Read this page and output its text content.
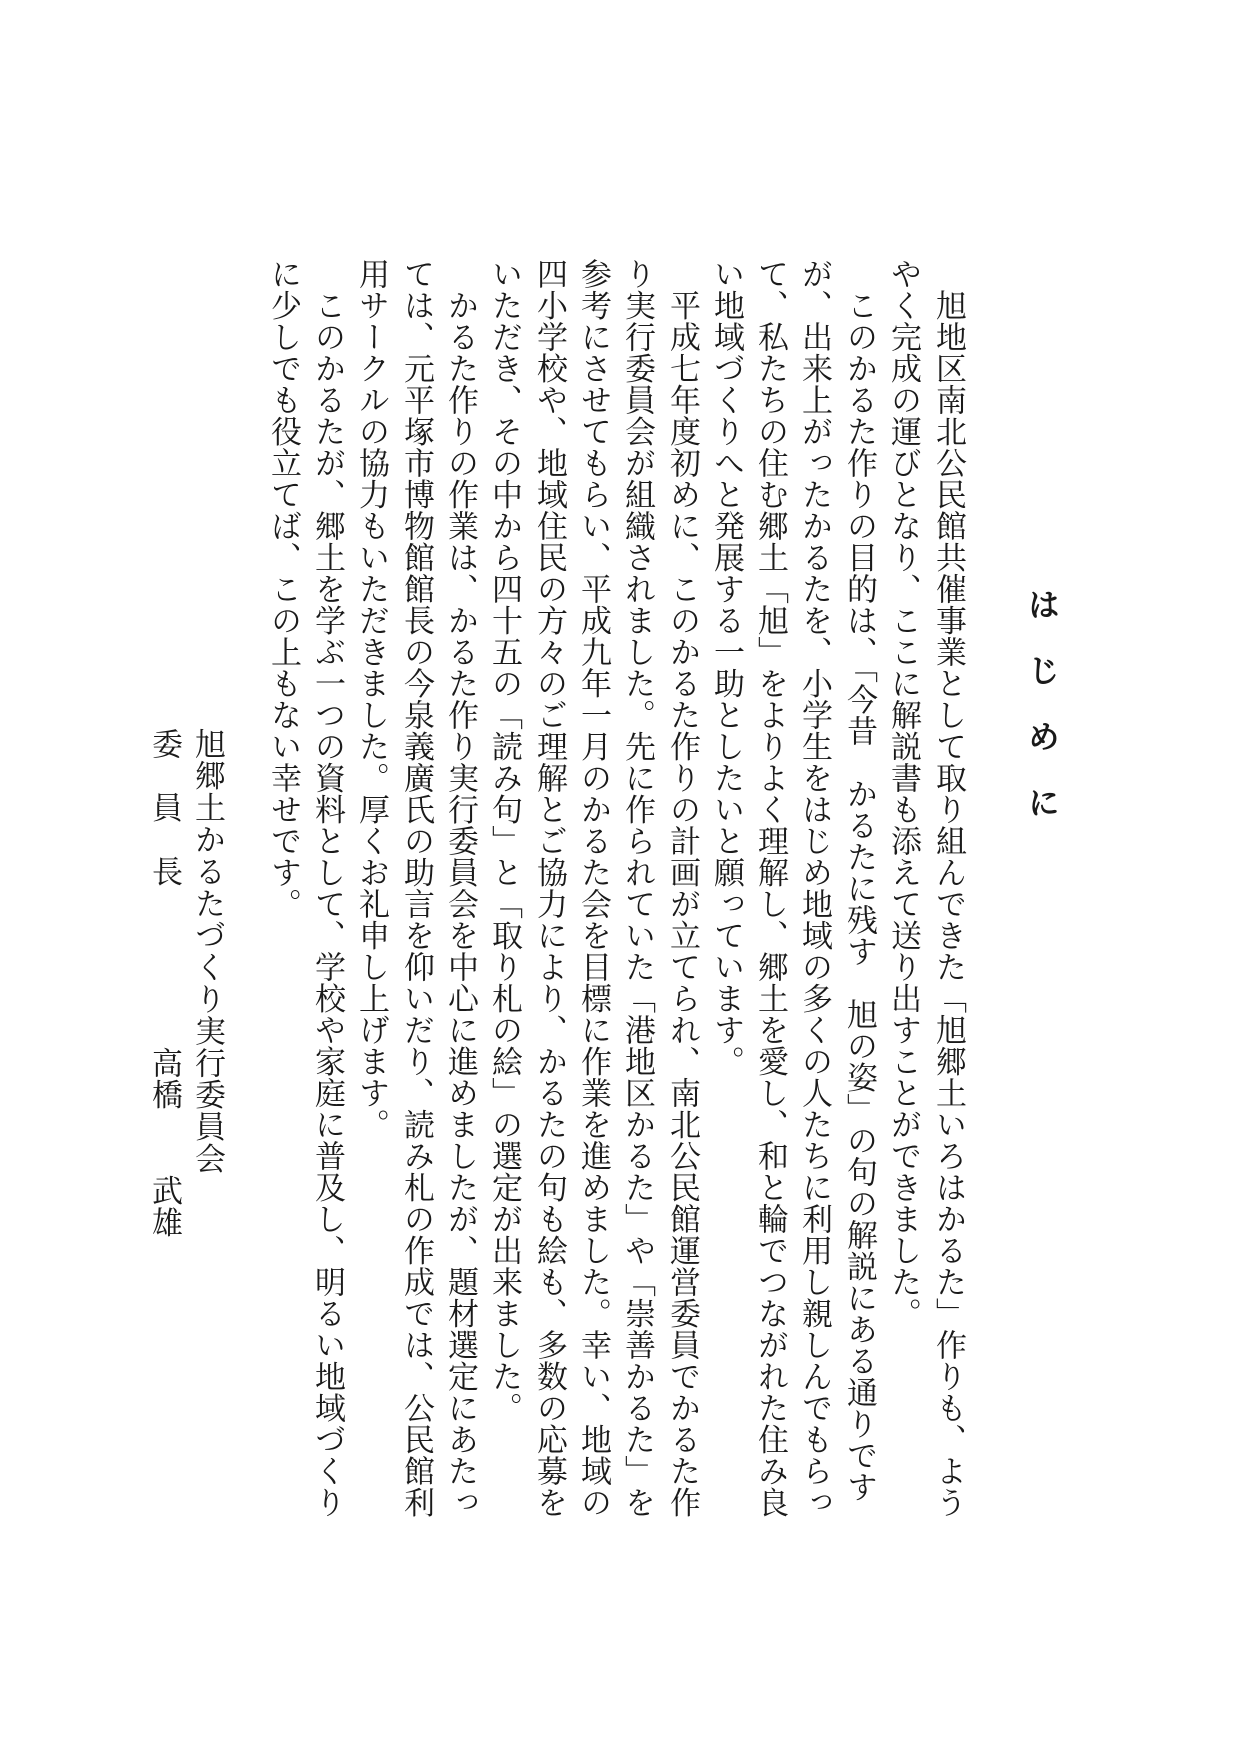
はじめに

　旭地区南北公民館共催事業として取り組んできた「旭郷土いろはかるた」作りも、よう

やく完成の運びとなり、ここに解説書も添えて送り出すことができました。

　このかるた作りの目的は、「今昔　かるたに残す　旭の姿」の句の解説にある通りです

が、出来上がったかるたを、小学生をはじめ地域の多くの人たちに利用し親しんでもらっ

て、私たちの住む郷土「旭」をよりよく理解し、郷土を愛し、和と輪でつながれた住み良

い地域づくりへと発展する一助としたいと願っています。

　平成七年度初めに、このかるた作りの計画が立てられ、南北公民館運営委員でかるた作

り実行委員会が組織されました。先に作られていた「港地区かるた」や「崇善かるた」を

参考にさせてもらい、平成九年一月のかるた会を目標に作業を進めました。幸い、地域の

四小学校や、地域住民の方々のご理解とご協力により、かるたの句も絵も、多数の応募を

いただき、その中から四十五の「読み句」と「取り札の絵」の選定が出来ました。

　かるた作りの作業は、かるた作り実行委員会を中心に進めましたが、題材選定にあたっ

ては、元平塚市博物館館長の今泉義廣氏の助言を仰いだり、読み札の作成では、公民館利

用サークルの協力もいただきました。厚くお礼申し上げます。

　このかるたが、郷土を学ぶ一つの資料として、学校や家庭に普及し、明るい地域づくり

に少しでも役立てば、この上もない幸せです。

旭郷土かるたづくり実行委員会

委　員　長　　　　　高橋　　武雄
